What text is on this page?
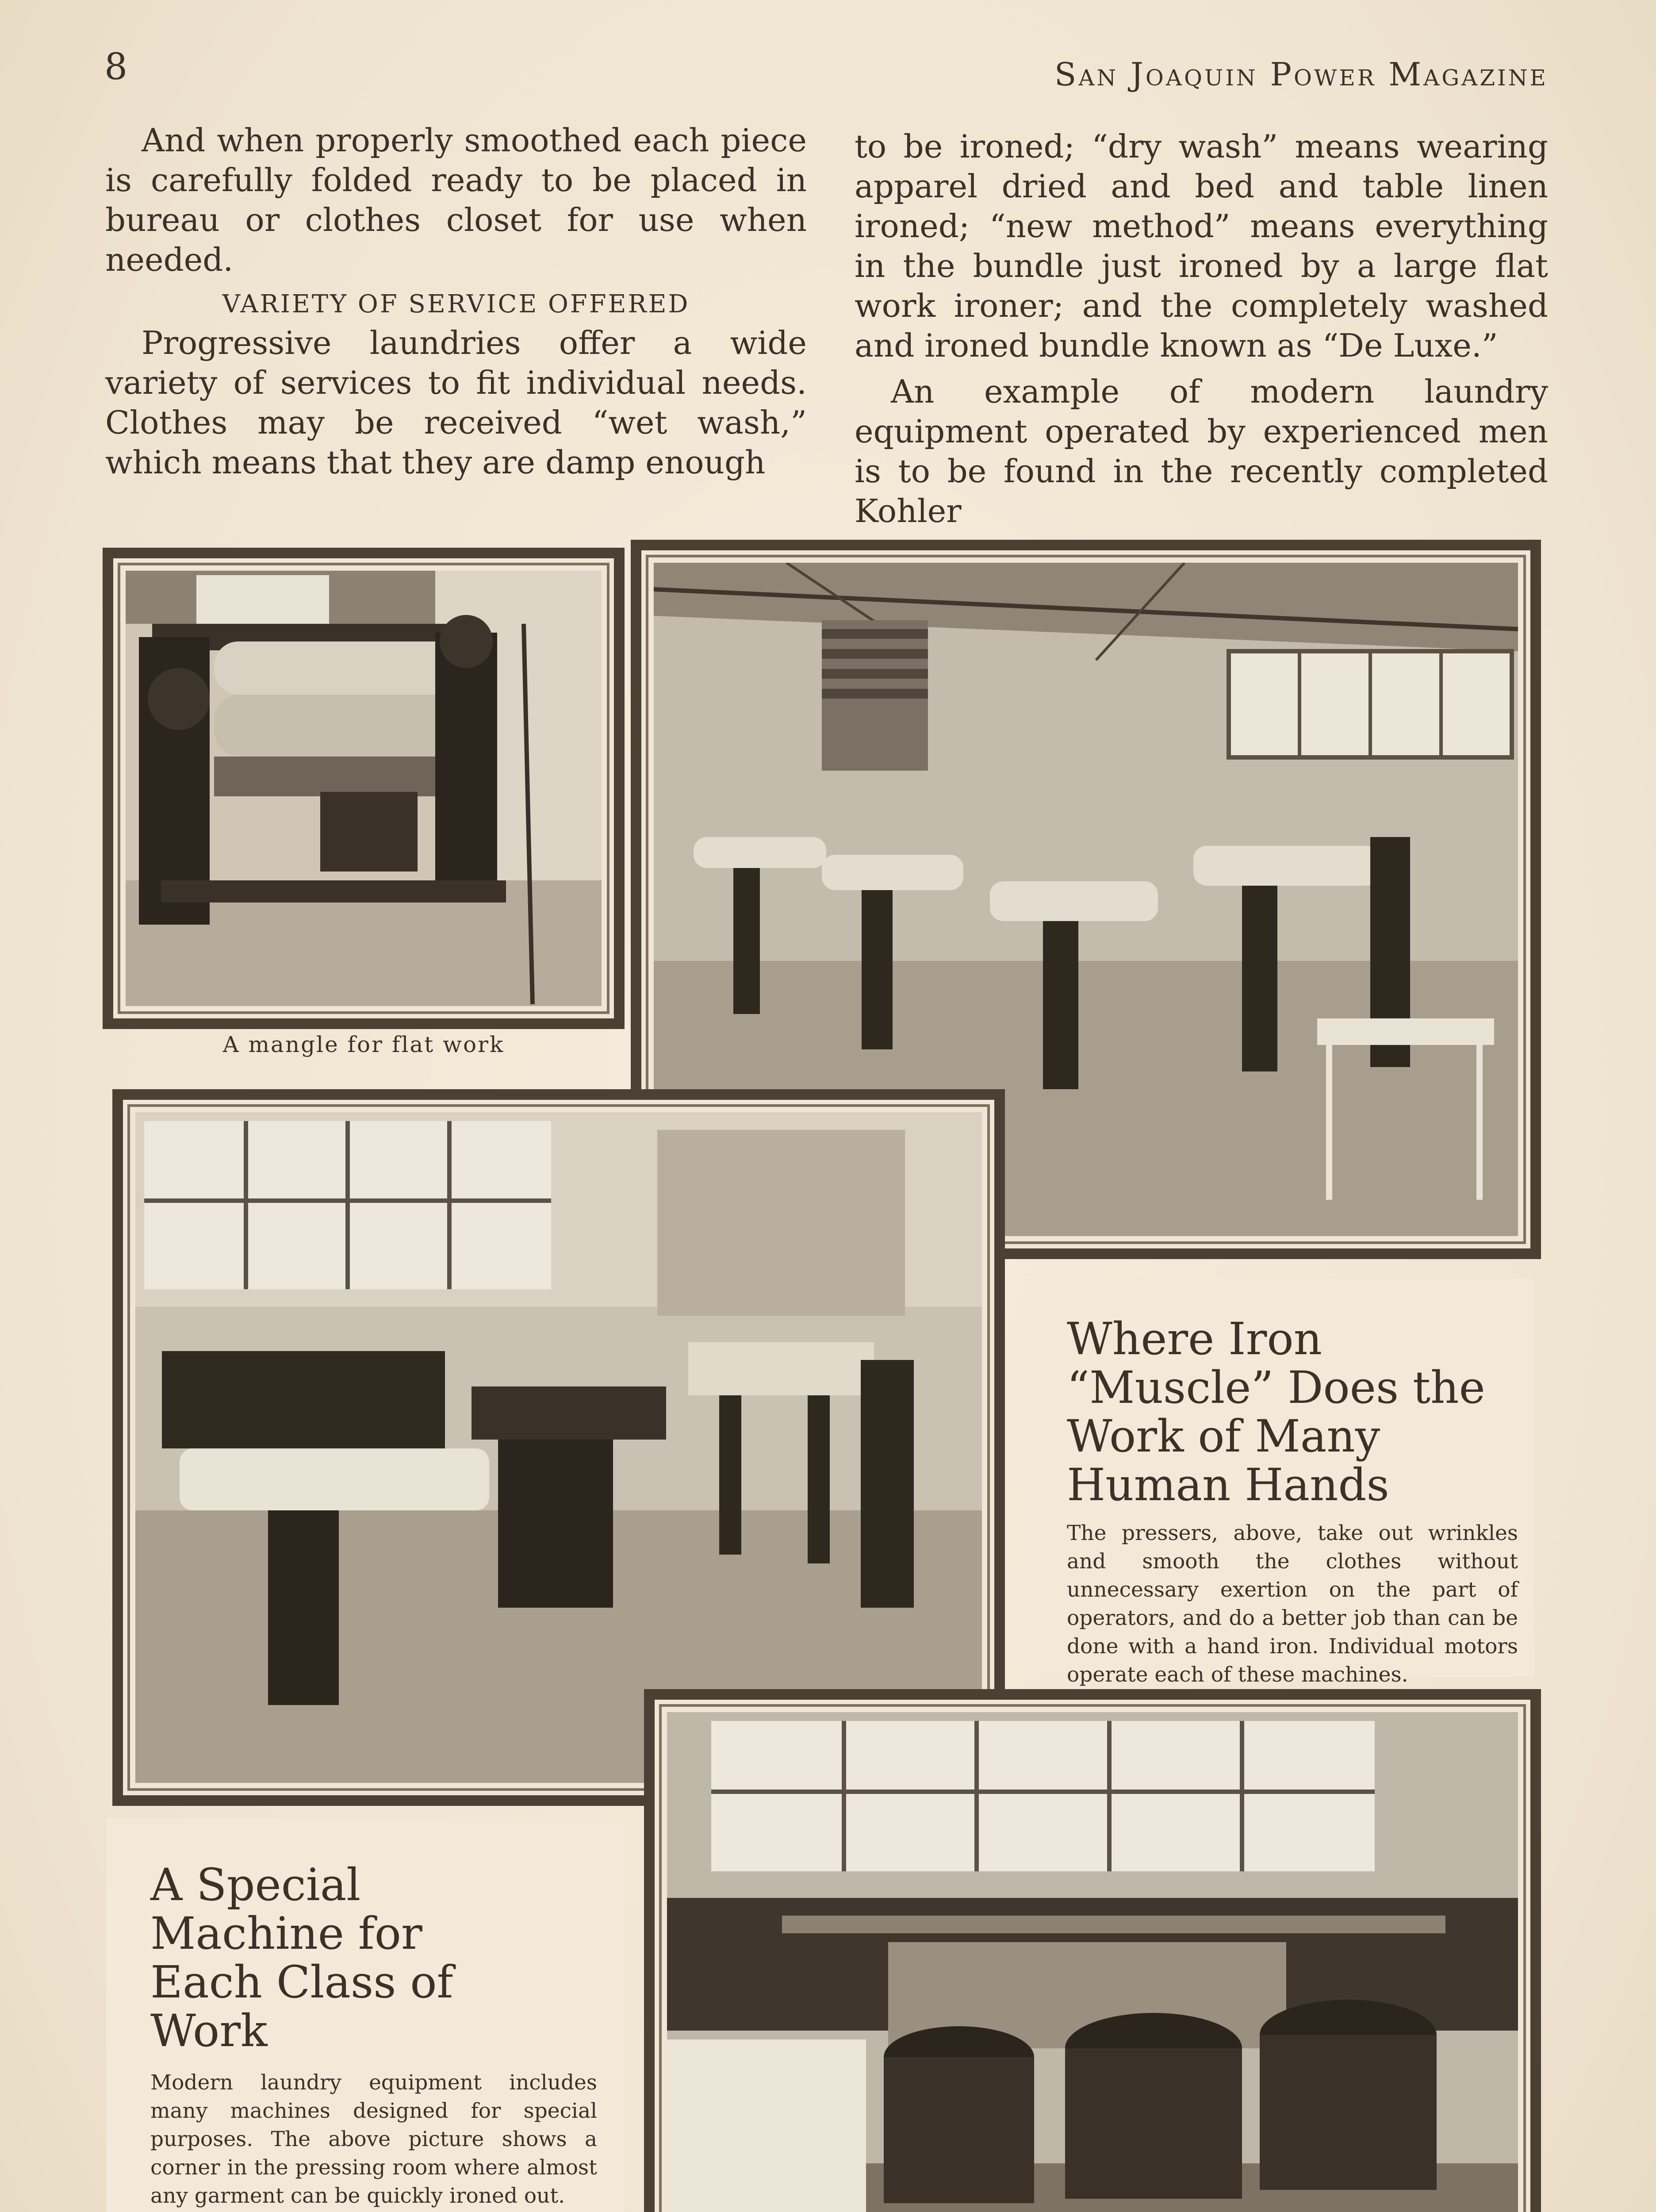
8	San Joaquin Power Magazine

And when properly smoothed each piece is carefully folded ready to be placed in bureau or clothes closet for use when needed.

VARIETY OF SERVICE OFFERED

Progressive laundries offer a wide variety of services to fit individual needs. Clothes may be received “wet wash,” which means that they are damp enough

to be ironed; “dry wash” means wearing apparel dried and bed and table linen ironed; “new method” means everything in the bundle just ironed by a large flat work ironer; and the completely washed and ironed bundle known as “De Luxe.”

An example of modern laundry equipment operated by experienced men is to be found in the recently completed Kohler

A mangle for flat work
Where Iron “Muscle” Does the Work of Many Human Hands

The pressers, above, take out wrinkles and smooth the clothes without unnecessary exertion on the part of operators, and do a better job than can be done with a hand iron. Individual motors operate each of these machines.

A Special Machine for Each Class of Work

Modern laundry equipment includes many machines designed for special purposes. The above picture shows a corner in the pressing room where almost any garment can be quickly ironed out.
